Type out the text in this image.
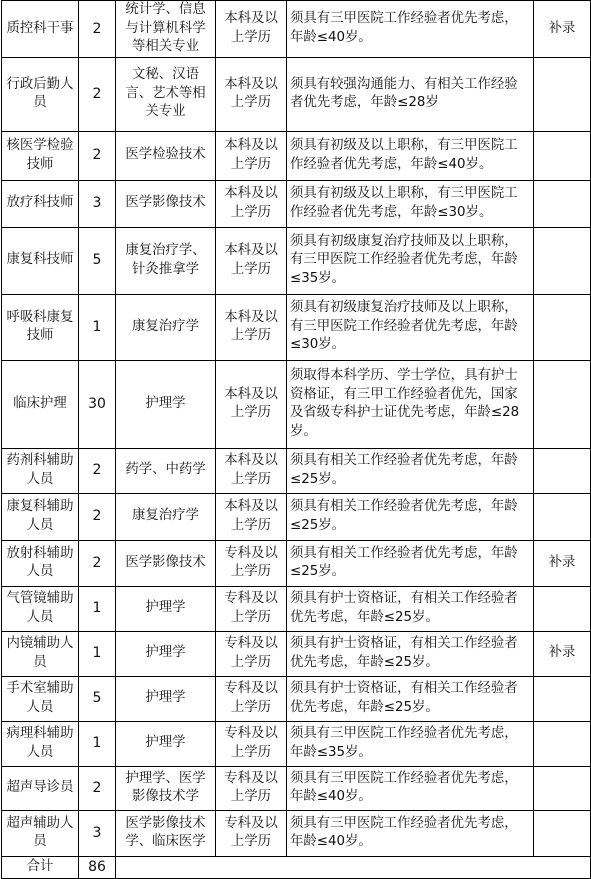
质控科干事	2	统计学、信息与计算机科学等相关专业	本科及以上学历	须具有三甲医院工作经验者优先考虑，年龄≤40岁。	补录
行政后勤人员	2	文秘、汉语言、艺术等相关专业	本科及以上学历	须具有较强沟通能力、有相关工作经验者优先考虑，年龄≤28岁	
核医学检验技师	2	医学检验技术	本科及以上学历	须具有初级及以上职称，有三甲医院工作经验者优先考虑，年龄≤40岁。	
放疗科技师	3	医学影像技术	本科及以上学历	须具有初级及以上职称，有三甲医院工作经验者优先考虑，年龄≤30岁。	
康复科技师	5	康复治疗学、针灸推拿学	本科及以上学历	须具有初级康复治疗技师及以上职称，有三甲医院工作经验者优先考虑，年龄≤35岁。	
呼吸科康复技师	1	康复治疗学	本科及以上学历	须具有初级康复治疗技师及以上职称，有三甲医院工作经验者优先考虑，年龄≤30岁。	
临床护理	30	护理学	本科及以上学历	须取得本科学历、学士学位，具有护士资格证，有三甲工作经验者优先，国家及省级专科护士证优先考虑，年龄≤28岁。	
药剂科辅助人员	2	药学、中药学	本科及以上学历	须具有相关工作经验者优先考虑，年龄≤25岁。	
康复科辅助人员	2	康复治疗学	本科及以上学历	须具有相关工作经验者优先考虑，年龄≤25岁。	
放射科辅助人员	2	医学影像技术	专科及以上学历	须具有相关工作经验者优先考虑，年龄≤25岁。	补录
气管镜辅助人员	1	护理学	专科及以上学历	须具有护士资格证，有相关工作经验者优先考虑，年龄≤25岁。	
内镜辅助人员	1	护理学	专科及以上学历	须具有护士资格证，有相关工作经验者优先考虑，年龄≤25岁。	补录
手术室辅助人员	5	护理学	专科及以上学历	须具有护士资格证，有相关工作经验者优先考虑，年龄≤25岁。	
病理科辅助人员	1	护理学	专科及以上学历	须具有三甲医院工作经验者优先考虑，年龄≤35岁。	
超声导诊员	2	护理学、医学影像技术学	专科及以上学历	须具有三甲医院工作经验者优先考虑，年龄≤40岁。	
超声辅助人员	3	医学影像技术学、临床医学	专科及以上学历	须具有三甲医院工作经验者优先考虑，年龄≤40岁。	
合计	86				
